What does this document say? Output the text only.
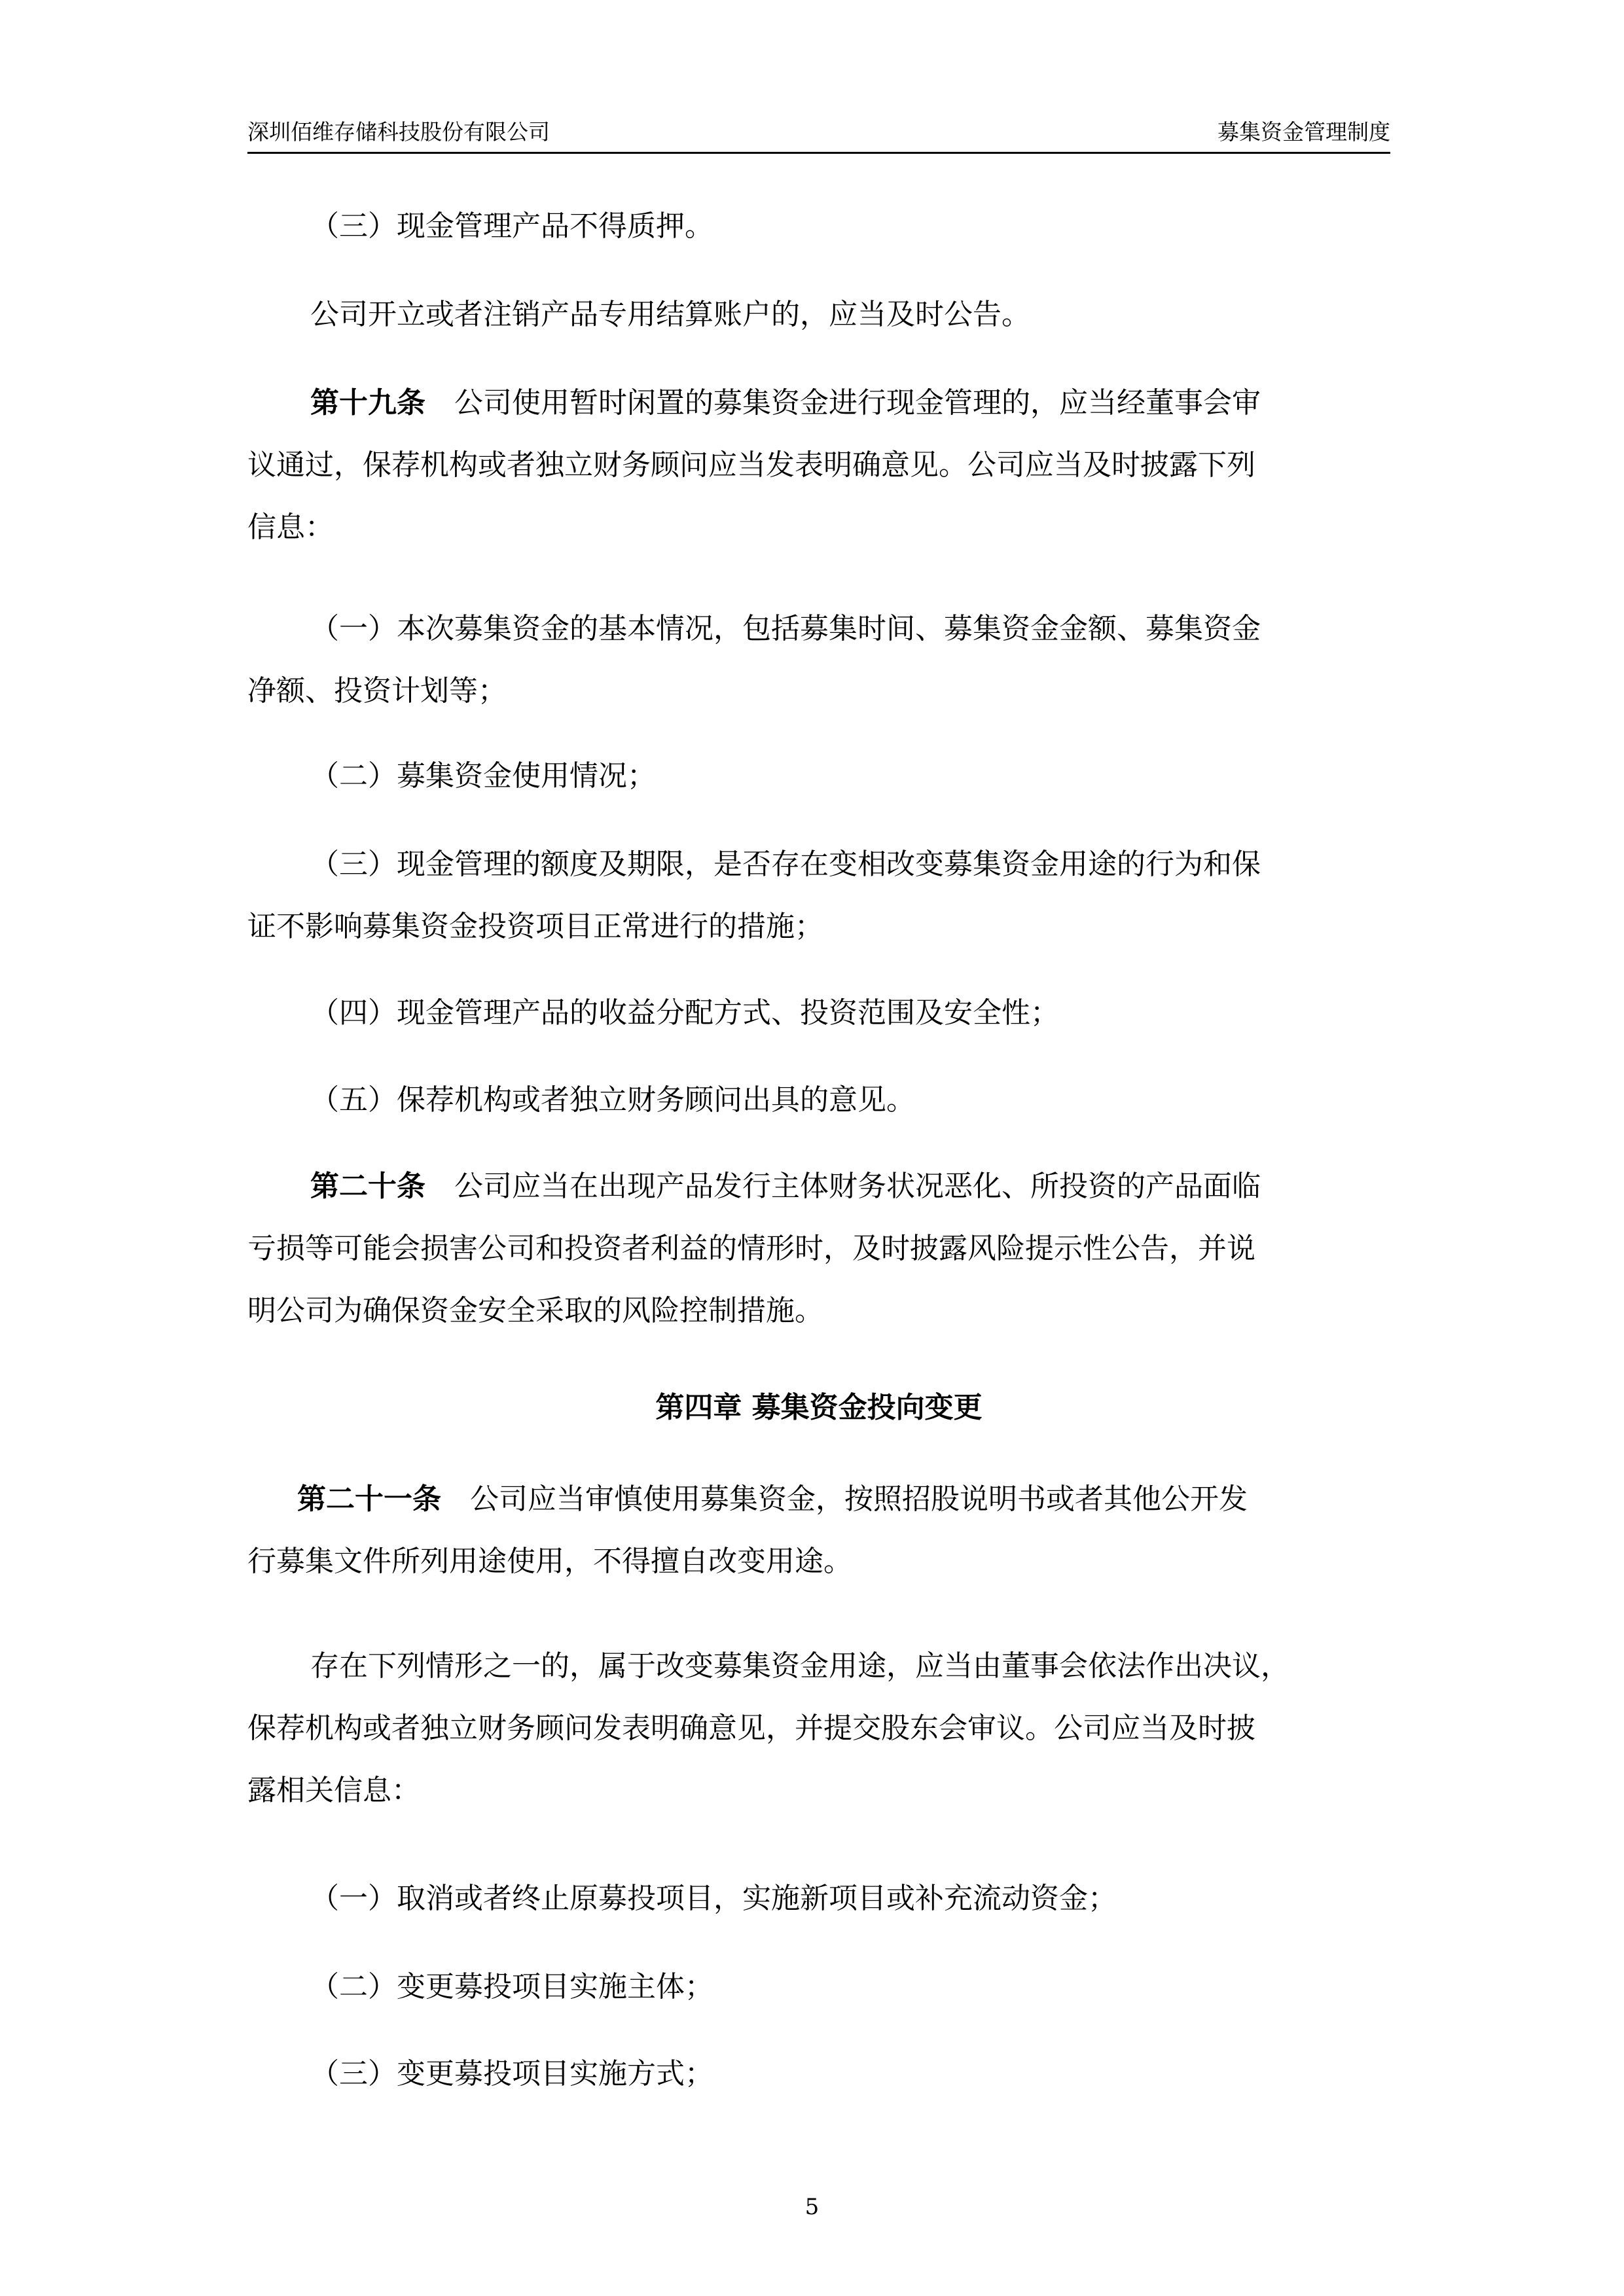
深圳佰维存储科技股份有限公司	募集资金管理制度
（三）现金管理产品不得质押。
公司开立或者注销产品专用结算账户的，应当及时公告。
第十九条 公司使用暂时闲置的募集资金进行现金管理的，应当经董事会审
议通过，保荐机构或者独立财务顾问应当发表明确意见。公司应当及时披露下列
信息：
（一）本次募集资金的基本情况，包括募集时间、募集资金金额、募集资金
净额、投资计划等；
（二）募集资金使用情况；
（三）现金管理的额度及期限，是否存在变相改变募集资金用途的行为和保
证不影响募集资金投资项目正常进行的措施；
（四）现金管理产品的收益分配方式、投资范围及安全性；
（五）保荐机构或者独立财务顾问出具的意见。
第二十条 公司应当在出现产品发行主体财务状况恶化、所投资的产品面临
亏损等可能会损害公司和投资者利益的情形时，及时披露风险提示性公告，并说
明公司为确保资金安全采取的风险控制措施。
第四章 募集资金投向变更
第二十一条 公司应当审慎使用募集资金，按照招股说明书或者其他公开发
行募集文件所列用途使用，不得擅自改变用途。
存在下列情形之一的，属于改变募集资金用途，应当由董事会依法作出决议，
保荐机构或者独立财务顾问发表明确意见，并提交股东会审议。公司应当及时披
露相关信息：
（一）取消或者终止原募投项目，实施新项目或补充流动资金；
（二）变更募投项目实施主体；
（三）变更募投项目实施方式；
5
